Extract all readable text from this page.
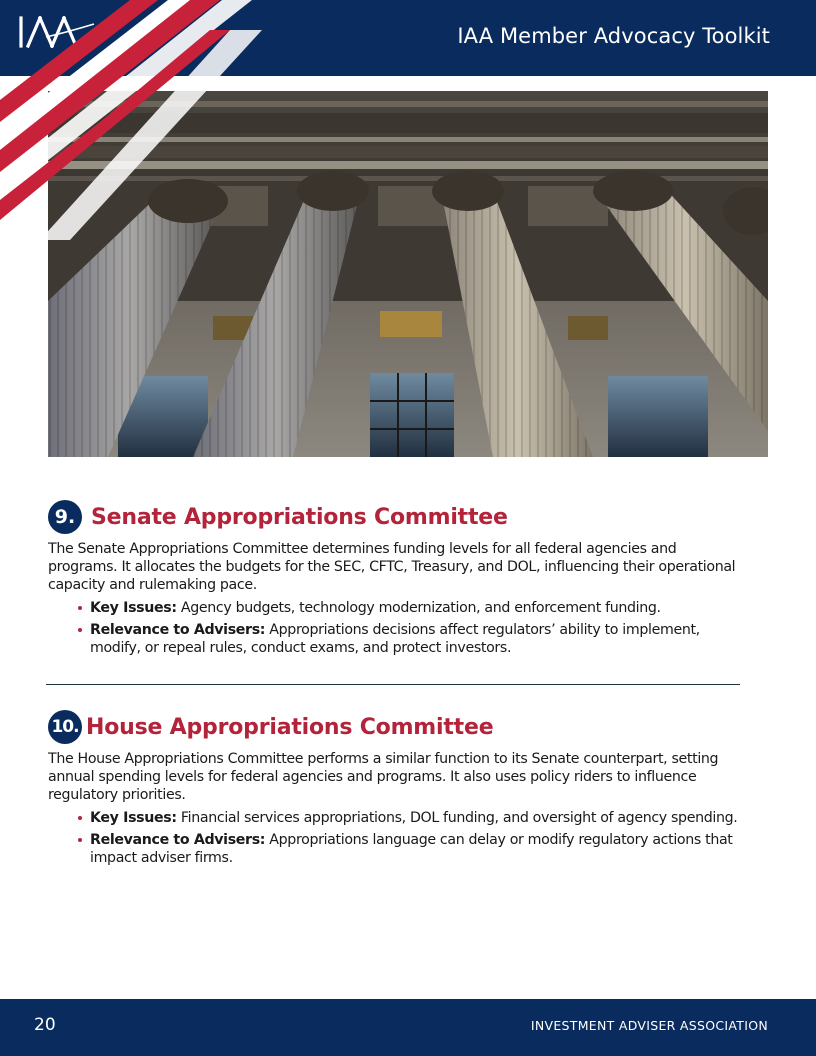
IAA Member Advocacy Toolkit
9. Senate Appropriations Committee
The Senate Appropriations Committee determines funding levels for all federal agencies and programs. It allocates the budgets for the SEC, CFTC, Treasury, and DOL, influencing their operational capacity and rulemaking pace.
Key Issues: Agency budgets, technology modernization, and enforcement funding.
Relevance to Advisers: Appropriations decisions affect regulators’ ability to implement, modify, or repeal rules, conduct exams, and protect investors.
10. House Appropriations Committee
The House Appropriations Committee performs a similar function to its Senate counterpart, setting annual spending levels for federal agencies and programs. It also uses policy riders to influence regulatory priorities.
Key Issues: Financial services appropriations, DOL funding, and oversight of agency spending.
Relevance to Advisers: Appropriations language can delay or modify regulatory actions that impact adviser firms.
20	INVESTMENT ADVISER ASSOCIATION
